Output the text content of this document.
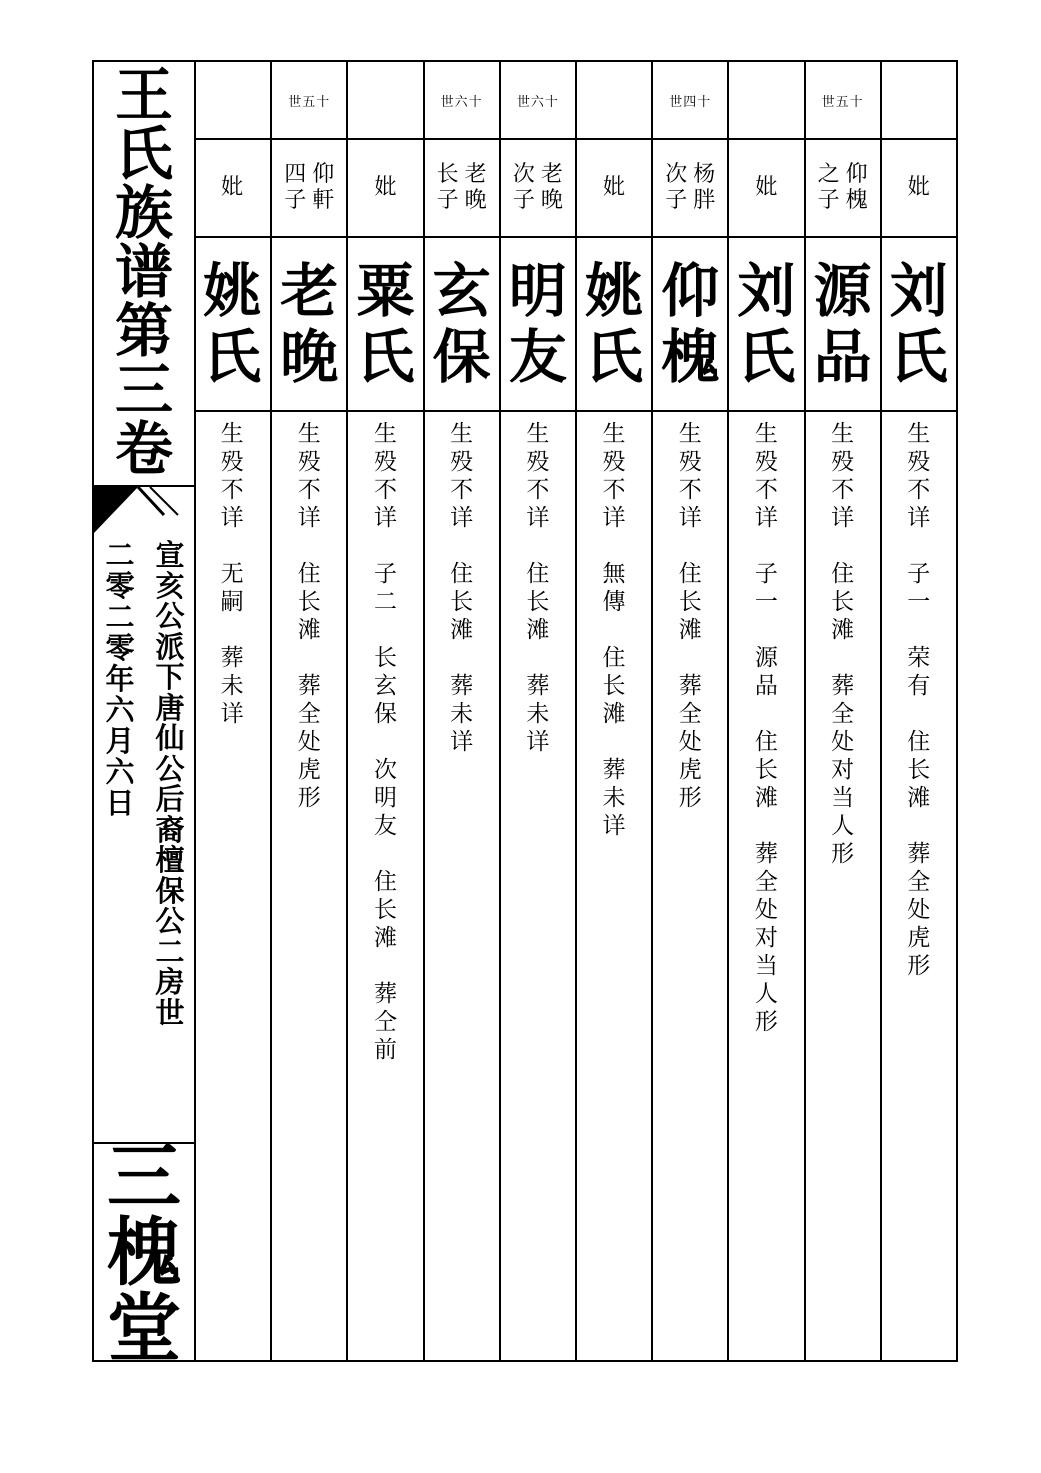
王
氏
族
谱
第
三
卷
宣
亥
公
派
下
唐
仙
公
后
裔
檀
保
公
二
房
世
二
零
二
零
年
六
月
六
日
三
槐
堂
妣
姚
氏
生
殁
不
详

无
嗣

葬
未
详
世五十
仰
軒
四
子
老
晚
生
殁
不
详

住
长
滩

葬
全
处
虎
形
妣
粟
氏
生
殁
不
详

子
二

长
玄
保

次
明
友

住
长
滩

葬
仝
前
世六十
老
晚
长
子
玄
保
生
殁
不
详

住
长
滩

葬
未
详
世六十
老
晚
次
子
明
友
生
殁
不
详

住
长
滩

葬
未
详
妣
姚
氏
生
殁
不
详

無
傳

住
长
滩

葬
未
详
世四十
杨
胖
次
子
仰
槐
生
殁
不
详

住
长
滩

葬
全
处
虎
形
妣
刘
氏
生
殁
不
详

子
一

源
品

住
长
滩

葬
全
处
对
当
人
形
世五十
仰
槐
之
子
源
品
生
殁
不
详

住
长
滩

葬
全
处
对
当
人
形
妣
刘
氏
生
殁
不
详

子
一

荣
有

住
长
滩

葬
全
处
虎
形
